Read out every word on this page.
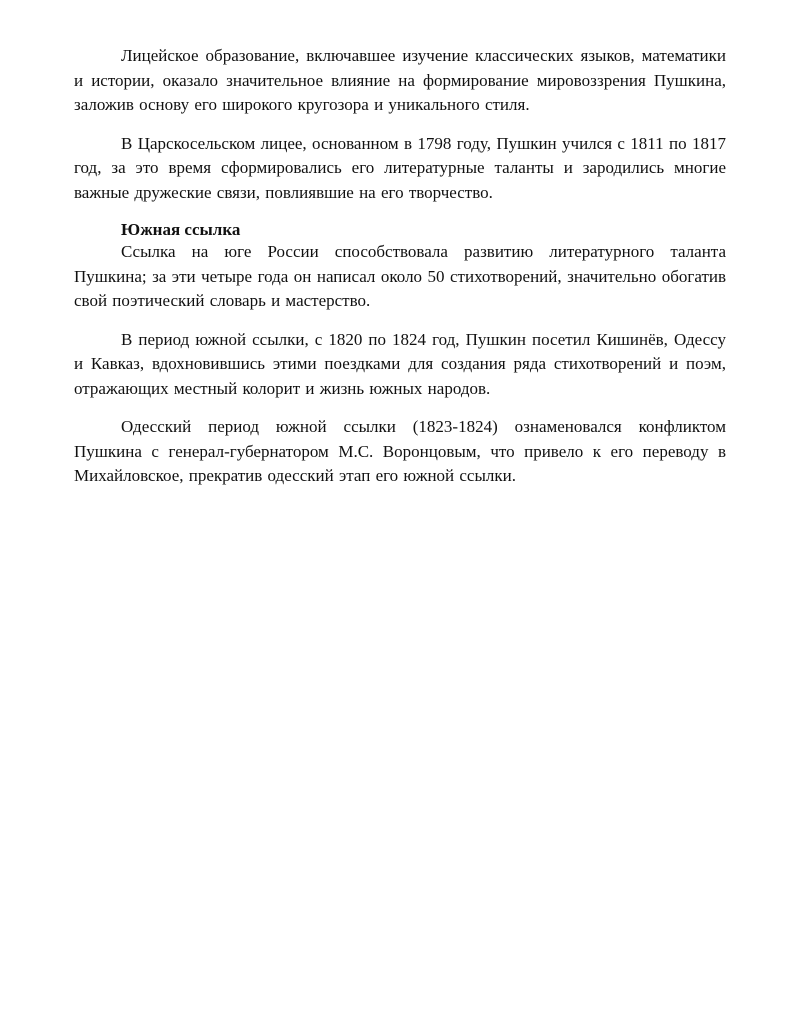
Лицейское образование, включавшее изучение классических языков, математики и истории, оказало значительное влияние на формирование мировоззрения Пушкина, заложив основу его широкого кругозора и уникального стиля.

В Царскосельском лицее, основанном в 1798 году, Пушкин учился с 1811 по 1817 год, за это время сформировались его литературные таланты и зародились многие важные дружеские связи, повлиявшие на его творчество.

Южная ссылка

Ссылка на юге России способствовала развитию литературного таланта Пушкина; за эти четыре года он написал около 50 стихотворений, значительно обогатив свой поэтический словарь и мастерство.

В период южной ссылки, с 1820 по 1824 год, Пушкин посетил Кишинёв, Одессу и Кавказ, вдохновившись этими поездками для создания ряда стихотворений и поэм, отражающих местный колорит и жизнь южных народов.

Одесский период южной ссылки (1823-1824) ознаменовался конфликтом Пушкина с генерал-губернатором М.С. Воронцовым, что привело к его переводу в Михайловское, прекратив одесский этап его южной ссылки.
